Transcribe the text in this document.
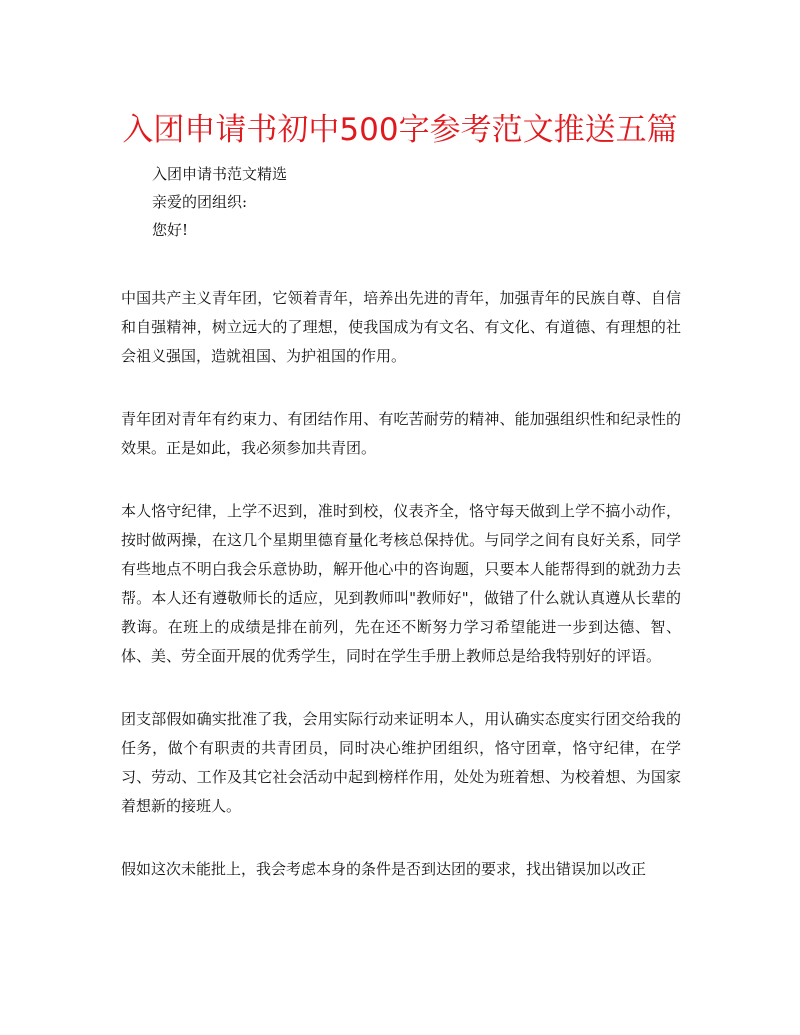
入团申请书初中500字参考范文推送五篇

入团申请书范文精选

亲爱的团组织:

您好!

中国共产主义青年团，它领着青年，培养出先进的青年，加强青年的民族自尊、自信和自强精神，树立远大的了理想，使我国成为有文名、有文化、有道德、有理想的社会祖义强国，造就祖国、为护祖国的作用。

青年团对青年有约束力、有团结作用、有吃苦耐劳的精神、能加强组织性和纪录性的效果。正是如此，我必须参加共青团。

本人恪守纪律，上学不迟到，准时到校，仪表齐全，恪守每天做到上学不搞小动作，按时做两操，在这几个星期里德育量化考核总保持优。与同学之间有良好关系，同学有些地点不明白我会乐意协助，解开他心中的咨询题，只要本人能帮得到的就劲力去帮。本人还有遵敬师长的适应，见到教师叫"教师好"，做错了什么就认真遵从长辈的教诲。在班上的成绩是排在前列，先在还不断努力学习希望能进一步到达德、智、体、美、劳全面开展的优秀学生，同时在学生手册上教师总是给我特别好的评语。

团支部假如确实批准了我，会用实际行动来证明本人，用认确实态度实行团交给我的任务，做个有职责的共青团员，同时决心维护团组织，恪守团章，恪守纪律，在学习、劳动、工作及其它社会活动中起到榜样作用，处处为班着想、为校着想、为国家着想新的接班人。

假如这次未能批上，我会考虑本身的条件是否到达团的要求，找出错误加以改正
